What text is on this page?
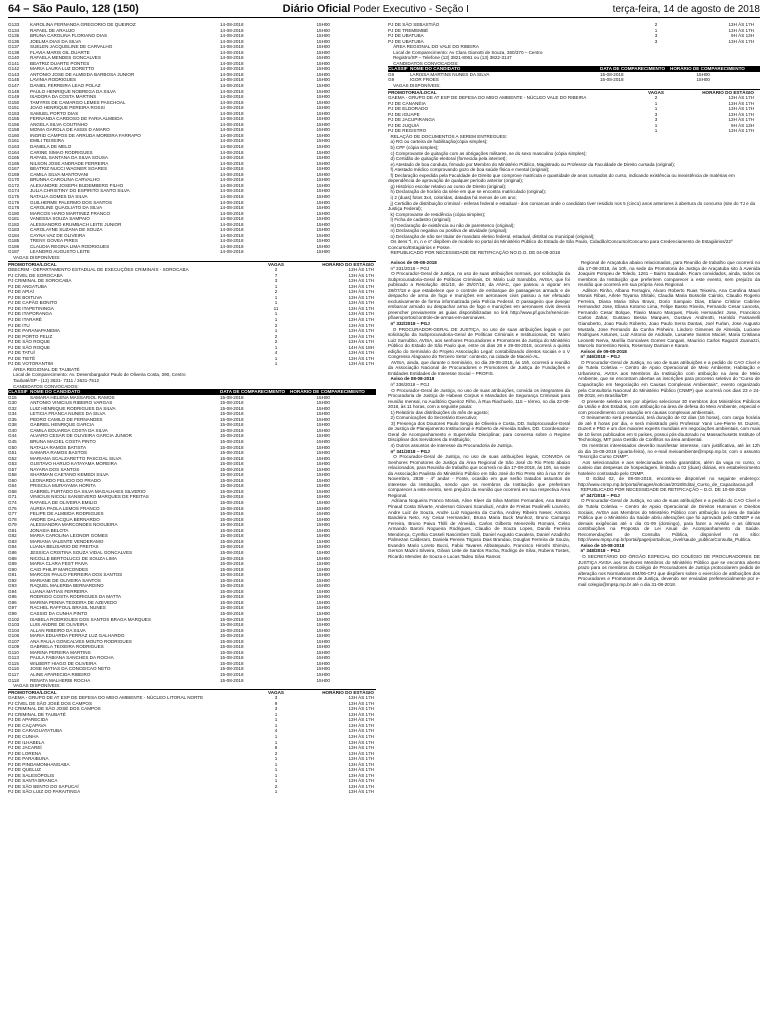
64 – São Paulo, 128 (150)	Diário Oficial Poder Executivo - Seção I	terça-feira, 14 de agosto de 2018
G133	KAROLINA FERNANDA GREGORIO DE QUEIROZ	14-08-2018	15H00
G134	RAFAEL DE ARAUJO	14-08-2018	15H00
G135	BRUNA CAROLINA FLORIANO DIAS	14-08-2018	15H00
G136	JOELMA DIAS DA SILVA	14-08-2018	15H00
G137	SUELEN JACQUELINE DE CARVALHO	14-08-2018	15H00
G138	FLAVIA MARIS GIL DUARTE	14-08-2018	15H00
G140	RAFAELA MENDES GONCALVES	14-08-2018	15H00
G141	BEATRIZ DUARTE PONTES	14-08-2018	15H00
G142	MARIA LAURA LUZ DORETTO	14-08-2018	15H00
G143	ANTONIO JOSE DE ALMEIDA BARBOSA JUNIOR	14-08-2018	15H00
G145	LAVINIA RODRIGUES	14-08-2018	15H00
G147	DANIEL FERREIRA LEAO POLAZ	14-08-2018	15H00
G148	PAULO HENRIQUE NOBREGA DA SILVA	14-08-2018	15H00
G149	ISADORA DA COSTA MARTINS	14-08-2018	15H00
G150	TAMYRIS DE CAMARGO LEMES PASCHOAL	14-08-2018	15H00
G151	JOAO HENRIQUE PEREIRA ROSSI	14-08-2018	15H00
G153	SAMUEL PORTO DIAS	14-08-2018	15H00
G155	FERNANDA CARDOSO DE FARIA ALMEIDA	14-08-2018	15H00
G156	ANGELA SILVA COUTINHO	14-08-2018	15H00
G158	MONIA GAROLA DE ASSIS D AMARO	14-08-2018	15H00
G160	INGRID CAMPOS DE ARRUDA MOREIRA FARRAPO	14-08-2018	15H00
G161	EMILI TEIXEIRA	14-08-2018	15H00
G163	DANIELA DE MELO	14-08-2018	15H00
G164	CARINE SIMAO RODRIGUES	14-08-2018	15H00
G165	RAFAEL SANTANA DA SILVA SOUSA	14-08-2018	15H00
G166	NILSON JOSE ANDRADE FERREIRA	14-08-2018	15H00
G167	BEATRIZ NUCCI WAGNER SOARES	14-08-2018	15H00
G169	CAMILA SILVA MANTOVANI	14-08-2018	15H00
G170	BRUNNA CAROLINA CARVALHO	14-08-2018	15H00
G172	ALEXANDRE JOSEPH BUDEMBERG FILHO	14-08-2018	15H00
G174	JULIA CHRISTINY DO ESPIRITO SANTO SILVA	14-08-2018	15H00
G175	NATALIA GOMES DA SILVA	14-08-2018	15H00
G176	GUILHERME PALERMO DOS SANTOS	14-08-2018	15H00
G178	CAROLINE QUAGLIATO DA SILVA	14-08-2018	15H00
G180	MARCOS HARO MARTINEZ FRANCO	14-08-2018	15H00
G181	VANESSA SOUZA SAMPAIO	14-08-2018	15H00
G182	ALESSANDRO KRUMBACH LEITE JUNIOR	14-08-2018	15H00
G183	CAROLAYNE SUZANA DE SOUZA	14-08-2018	15H00
G184	CAYNA VAZ DE OLIVEIRA	14-08-2018	15H00
G185	TRENY GOVEA PIRES	14-08-2018	15H00
G186	CLAUDIA REGINA LIMA RODRIGUES	14-08-2018	15H00
G187	LEANDRO AUGUSTO LEITE	14-08-2018	15H00
VAGAS DISPONÍVEIS:
PROMOTORIA/LOCAL	VAGAS	HORÁRIO DO ESTÁGIO
DEECRIM - DEPARTAMENTO ESTADUAL DE EXECUÇÕES CRIMINAIS - SOROCABA	2	13H ÀS 17H
PJ CÍVEL DE SOROCABA	7	13H ÀS 17H
PJ CRIMINAL DE SOROCABA	3	13H ÀS 17H
PJ DE ANGATUBA	1	13H ÀS 17H
PJ DE APIAÍ	2	13H ÀS 17H
PJ DE BOITUVA	1	13H ÀS 17H
PJ DE CAPÃO BONITO	1	13H ÀS 17H
PJ DE ITAPETININGA	11	13H ÀS 17H
PJ DE ITAPORANGA	1	13H ÀS 17H
PJ DE ITARARÉ	1	13H ÀS 17H
PJ DE ITU	2	13H ÀS 17H
PJ DE PARANAPANEMA	1	13H ÀS 17H
PJ DE PORTO FELIZ	2	13H ÀS 17H
PJ DE SÃO ROQUE	2	13H ÀS 17H
PJ DE SÃO ROQUE	1	14H ÀS 18H
PJ DE TATUÍ	4	13H ÀS 17H
PJ DE TIETÊ	1	13H ÀS 17H
PJ DE VOTORANTIM	1	13H ÀS 17H
ÁREA REGIONAL DE TAUBATÉ
Local de Comparecimento: Av. Desembargador Paulo de Oliveira Costa, 390, Centro
Taubaté/SP - (12) 3631- 7311 / 3631-7512
CANDIDATOS CONVOCADOS:
CLASSIF NOME DO CANDIDATO	DATA DE COMPARECIMENTO	HORÁRIO DE COMPARECIMENTO
G15	SAMARA HELENA MASSARIOL RAMOS	15-08-2018	15H00
G30	ANTONIO VINICIUS RIBEIRO VARGAS	15-08-2018	15H00
G32	LUIZ HENRIQUE RODRIGUES DA SILVA	15-08-2018	15H00
G34	LETICIA FRANCA NUNES DA SILVA	15-08-2018	15H00
G35	PEDRO CAMILO DE FERNANDES	15-08-2018	15H00
G38	GABRIEL HENRIQUE GARCIA	15-08-2018	15H00
G40	CAMILA EDUARDA COSTA DA SILVA	15-08-2018	15H00
G44	ALVARO CESAR DE OLIVEIRA GARCIA JUNIOR	15-08-2018	15H00
G45	BRUNA MACIEL COSTA PINTO	15-08-2018	15H00
G50	NATALIA RAMOS BATISTA	15-08-2018	15H00
G51	SAMARA RAMOS BASTOS	15-08-2018	15H00
G52	MARIANA SCALZARETTO PASCOAL SILVA	15-08-2018	15H00
G53	GUSTAVO HARUO KATAYAMA MOREIRA	15-08-2018	15H00
G57	NAYARA DOS SANTOS	15-08-2018	15H00
G58	SHARMAN CAETANO KEMEDI SILVA	15-08-2018	15H00
G60	LEONARDO FELICIO DO PRADO	15-08-2018	15H00
G64	PRISCILA MURAYAMA HORITA	15-08-2018	15H00
G68	GABRIEL FURTADO DA SILVA MAGALHAES SILVERIO	15-08-2018	15H00
G71	VINICIUS NICOLI SANSEVERO MARQUES DE FREITAS	15-08-2018	15H00
G74	RAFAELA DE OLIVEIRA EMILIO	15-08-2018	15H00
G76	AUREA PAOLA LEMOS FRANCO	15-08-2018	15H00
G77	FELIPE DE ALMEIDA RODRIGUES	15-08-2018	15H00
G78	ANDRE DALACQUA BERNARDO	15-08-2018	15H00
G79	ALESSANDRA MARCONDES NOGUEIRA	15-08-2018	15H00
G81	JONASIA BELOTA	15-08-2018	15H00
G82	MARIA CAROLINA LEONOR GOMES	15-08-2018	15H00
G83	MARIANA VALENTE VENDERAMO	15-08-2018	15H00
G84	LUANA BELISARIO DE FREITAS	15-08-2018	15H00
G86	JESSICA CRISTINA SOUZA VIDAL GONCALVES	15-08-2018	15H00
G88	NICOLLE BERTOLUCCI DE SOUZA LIMA	15-08-2018	15H00
G89	MARIA CLARA FEST PAIVA	15-08-2018	15H00
G90	CAIO PHILIP MARCONDES	15-08-2018	15H00
G91	MARCOS PAULO FERREIRA DOS SANTOS	15-08-2018	15H00
G92	MARIANE DE OLIVEIRA SANTOS	15-08-2018	15H00
G93	RAQUEL MALERBA BERNARDINO	15-08-2018	15H00
G94	LUANA MATIAS FERREIRA	15-08-2018	15H00
G95	RODRIGO COSTA RODRIGUES DA MATTA	15-08-2018	15H00
G96	MARINA PENNA TEIXEIRA DE AZEVEDO	15-08-2018	15H00
G97	RACHEL RAFFOUL BRASIL NUNES	15-08-2018	15H00
G99	CASSIO DA CUNHA PINTO	15-08-2018	15H00
G102	ISABELA RODRIGUES DOS SANTOS BRAGA MARQUES	15-08-2018	15H00
G103	LUIS ANDRE DE OLIVEIRA	15-08-2018	15H00
G104	ALLAN RIBEIRO DA SILVA	15-08-2018	15H00
G106	MARIA EDUARDA FERRAZ LUZ GALHARDO	15-08-2018	15H00
G107	ANA PAULA GONCALVES MOUTO RODRIGUES	15-08-2018	15H00
G109	GABRIELA TEIXEIRA RODRIGUES	15-08-2018	15H00
G110	MARINA PEREIRA MARTINS	15-08-2018	15H00
G113	PAULA FABIANA SANCHES DA ROCHA	15-08-2018	15H00
G115	WILBERT HIAGO DE OLIVEIRA	15-08-2018	15H00
G116	JOSE MATIAS DA CONCEICAO NETO	15-08-2018	15H00
G117	ALINE APARECIDA RIBEIRO	15-08-2018	15H00
G118	RENATA MALHERBI ROCHA	15-08-2018	15H00
VAGAS DISPONÍVEIS:
PROMOTORIA/LOCAL	VAGAS	HORÁRIO DO ESTÁGIO
GAEMA - GRUPO DE AT ESP DE DEFESA DO MEIO AMBIENTE - NÚCLEO LITORAL NORTE	3	13H ÀS 17H
PJ CÍVEL DE SÃO JOSÉ DOS CAMPOS	9	13H ÀS 17H
PJ CRIMINAL DE SÃO JOSÉ DOS CAMPOS	3	13H ÀS 17H
PJ CRIMINAL DE TAUBATÉ	1	13H ÀS 17H
PJ DE APARECIDA	1	13H ÀS 17H
PJ DE CAÇAPAVA	1	13H ÀS 17H
PJ DE CARAGUATATUBA	4	13H ÀS 17H
PJ DE CUNHA	1	13H ÀS 17H
PJ DE ILHABELA	1	13H ÀS 17H
PJ DE JACAREÍ	9	13H ÀS 17H
PJ DE LORENA	2	13H ÀS 17H
PJ DE PARAIBUNA	1	13H ÀS 17H
PJ DE PINDAMONHANGABA	1	13H ÀS 17H
PJ DE QUELUZ	1	13H ÀS 17H
PJ DE SALESÓPOLIS	1	13H ÀS 17H
PJ DE SANTA BRANCA	1	13H ÀS 17H
PJ DE SÃO BENTO DO SAPUCAÍ	2	13H ÀS 17H
PJ DE SÃO LUIZ DO PARAITINGA	1	13H ÀS 17H
PJ DE SÃO SEBASTIÃO	2	13H ÀS 17H
PJ DE TREMEMBÉ	1	13H ÀS 17H
PJ DE UBATUBA	3	9H ÀS 13H
PJ DE UBATUBA	3	13H ÀS 17H
ÁREA REGIONAL DO VALE DO RIBEIRA
Local de Comparecimento: Av Clara Gianotti de Souza, 360/370 – Centro
Registro/SP – Telefone (13) 3821-8061 ou (13) 3822-3147
CANDIDATOS CONVOCADOS:
CLASSIF NOME DO CANDIDATO	DATA DE COMPARECIMENTO	HORÁRIO DE COMPARECIMENTO
G6	LARISSA MARTINS NUNES DA SILVA	15-08-2018	15H00
G9	IGOR FROES	15-08-2018	15H00
VAGAS DISPONÍVEIS:
PROMOTORIA/LOCAL	VAGAS	HORÁRIO DO ESTÁGIO
GAEMA - GRUPO DE AT ESP DE DEFESA DO MEIO AMBIENTE - NÚCLEO VALE DO RIBEIRA	2	13H ÀS 17H
PJ DE CANANÉIA	1	13H ÀS 17H
PJ DE ELDORADO	1	13H ÀS 17H
PJ DE IGUAPE	3	13H ÀS 17H
PJ DE JACUPIRANGA	3	13H ÀS 17H
PJ DE JUQUIÁ	1	9H ÀS 13H
PJ DE REGISTRO	1	13H ÀS 17H
RELAÇÃO DE DOCUMENTOS A SEREM ENTREGUES:
a) RG ou carteira de habilitação(cópia simples);
b) CPF (cópia simples);
c) Comprovante de quitação com as obrigações militares, se do sexo masculino (cópia simples);
d) Certidão de quitação eleitoral (fornecida pela internet);
e) Atestado de boa conduta, firmado por Membro do Ministério Público, Magistrado ou Professor da Faculdade de Direito cursada (original);
f) Atestado médico comprovando gozo de boa saúde física e mental (original);
f) Declaração expedida pela Faculdade de Direito que comprove matrícula e quantidade de anos cursados do curso, indicando existência ou inexistência de matérias em dependência de aprovação de qualquer período anterior (original);
g) Histórico escolar relativo ao curso de Direito (original);
h) Declaração de horário da série em que se encontra matriculado (original);
i) 2 (duas) fotos 3x4, coloridas, datadas há menos de um ano;
j) Certidão de distribuição criminal - esferas federal e estadual - dos comarcas onde o candidato tiver residido nos 5 (cinco) anos anteriores à abertura do concurso (site do TJ e da Justiça Federal);
k) Comprovante de residência (cópia simples);
l) Ficha de cadastro (original);
m) Declaração de existência ou não de parentesco (original);
n) Declaração negativa ou positiva de atividade (original);
o) Declaração de não ser titular de mandato eletivo federal, estadual, distrital ou municipal (original);
Os itens "l, m, n e o" dispõem de modelo no portal do Ministério Público do Estado de São Paulo, Cidadão/Concurso/Concurso para Credenciamento de Estagiários/22º Concurso/Estagiários e Posse.
REPUBLICADO POR NECESSIDADE DE RETIFICAÇÃO NO D.O. DE 04-08-2018
Avisos de 09-08-2018
nº 331/2018 – PGJ
O Procurador-Geral de Justiça, no uso de suas atribuições normais, por solicitação da Subprocuradoria-Geral de Políticas Criminais, Dr. Mário Luiz Sarrubbo, AVISA, que foi publicado a Resolução 461/18, de 25/07/18, da ANAC, que passou a vigorar em 28/07/18 e que estabelece que o controle de embarque de passageiros armado e de despacho de arma de fogo e munições em aeronaves civis passou a ser efetuado exclusivamente de forma informatizada pela Polícia Federal. O passageiro que desejar embarcar armado ou despachar arma de fogo e munições em aeronaves civis deverá preencher previamente as guias disponibilizadas no link http://www.pf.gov.br/servicos-pf/aeroportos/controle-de-armas-em-aeronaves.
nº 332/2018 – PGJ
O PROCURADOR-GERAL DE JUSTIÇA, no uso de suas atribuições legais e por solicitação da Subprocuradoria-Geral de Políticas Criminais e Institucionais, Dr. Mário Luiz Sarrubbo, AVISA, aos senhores Procuradores e Promotores de Justiça do Ministério Público do Estado de São Paulo que, entre os dias 28 e 29-08-2018, ocorrerá a quinta edição do Seminário do Projeto Associação Legal: contabilizando direitos sociais e o V Congresso Alagoano do Terceiro Setor: contexto, na cidade de Maceió-AL.
AVISA, ainda, que durante o Seminário, no dia 29-08-2018, às 15h, ocorrerá a reunião da Associação Nacional de Procuradores e Promotores de Justiça de Fundações e Entidades Entidades de Interesse Social – PROFIS.
Aviso de 08-08-2018
nº 336/2018 – PGJ
O Procurador-Geral de Justiça, no uso de suas atribuições, convida os integrantes da Procuradoria de Justiça de Habeas Corpus e Mandados de Segurança Criminais para reunião mensal, no Auditório Queiroz Filho, à Rua Riachuelo, 115 – térreo, no dia 22-08-2018, às 11 horas, com a seguinte pauta:
1) Relatório das distribuições do mês de agosto;
2) Comunicações do Secretário Executivo;
3) Presença dos Doutores Paulo Sergio de Oliveira e Costa, DD. Subprocurador-Geral de Justiça de Planejamento Institucional e Roberto de Almeida Salles, DD. Coordenador-Geral de Acompanhamento e Supervisão Disciplinar, para conversa sobre o Regime Disciplinar dos Servidores da Instituição;
4) Outros assuntos de interesse da Procuradoria de Justiça.
nº 341/2018 – PGJ
O Procurador-Geral de Justiça, no uso de suas atribuições legais, CONVIDA os Senhores Promotores de Justiça da Área Regional de São José do Rio Preto abaixo relacionados, para Reunião de trabalho que ocorrerá no dia 17-08-2018, às 10h, na sede da Associação Paulista do Ministério Público em São José do Rio Preto sito à rua XV de Novembro, 2939 - 4º andar - Fonte, ocasião em que serão tratados assuntos de interesse da Instituição, sendo que os membros da Instituição que preferiram comparecer a este evento, sem prejuízo da reunião que ocorrerá em sua respectiva Área Regional.
Adriana Nogueira Franco Morais, Aline Kleer da Silva Martins Fernandes, Ana Beatriz Pinaud Costa Silvarte, Anderson Giovani Scandiuzi, Andre de Freitas Paolinelli Loureiro, Andre Luiz de Souza, Andre Luiz Nogueira da Cunha, Andrey Ribeiro Neser, Antonio Bandeira Neto, Ary Cesar Hernandez, Bruna Maria Buck Munhoz, Bruno Camargo Ferreira, Bruno Paiva Thilli de Almeida, Carlos Gilberto Menezello Romani, Celso Armando Baroni Nogueira Rodrigues, Claudio de Souza Lopes, Danilo Ferreira Mendonça, Cynthia Cosseli Nascimben Galli, Daniel Augusto Cavalera, Daniel Azadinho Palmezan Calderaro, Daniela Pereira Trigoso Dias Brandao, Douglas Ferreira de Souza, Evandro Mario Loreto Bucci, Fabio Tavares Abbatepaulo, Francisco Hiroshi Shimizu, Gerson Mazini Silveira, Gilvan Leite de Santos Rocha, Rodrigo de Silva, Rubens Tostes, Ricardo Mendes de Souza e Lucas Tadeu Silva Ramos.
Regional de Araçatuba abaixo relacionados, para Reunião de trabalho que ocorrerá no dia 17-08-2018, às 10h, na sede da Promotoria de Justiça de Araçatuba sito à Avenida Joaquim Pompeu de Toledo, 1261 – Bairro Saudade. Ficam convidados, ainda, todos os membros da Instituição que preferirem comparecer a este evento, sem prejuízo da reunião que ocorrerá em sua própria Área Regional.
Adilson Rinho, Albano Ferragini, Alvaro Roberto Ruas Teixeira, Ana Carolina Mauri Morais Ribas, Arlete Toyama Shitaki, Claudia Maria Bussolin Cairolo, Claudio Rogerio Ferreira, Diana Maria Silva Bravo, Dorio Sampaio Dias, Elaine Cristine Cabrine Hernandez Jose, Eliana Kotomo Lima, Felipe Basso Riveira, Fernando Cesar Lanceta, Fernando Cesar Bolque, Flavio Mauro Marques, Flavio Hernandez Jose, Francisco Carlos Zahar, Gustavo Bessa Marques, Gustavo Andreotti, Haroldo Fassanelli Gianoberto, Joao Paulo Roberto, Joao Paulo Serra Dantas, Joel Furlan, Jose Augusto Mustafa, Jose Fernando da Cunha Pinheiro, Lindoro Gimenes de Almeida, Luciane Rodrigues Antunes, Luiz Antonio de Andrade, Lusanete Santos Maciel, Maria Cristiana Leonetti Nerva, Marília Goncalves Gomes Cangani, Mauricio Carlos Ragazzi Zuanazzi, Marcelo Sorrentino Neira, Rosemary Damian e Karam.
Avisos de 09-08-2018
nº 346/2018 – PGJ
O Procurador-Geral de Justiça, no uso de suas atribuições e a pedido do CAO Cível e de Tutela Coletiva – Centro de Apoio Operacional de Meio Ambiente, Habitação e Urbanismo, AVISA aos Membros da Instituição com atribuição na área de Meio Ambiente, que se encontram abertas as inscrições para processo seletivo do "Curso de Capacitação em Negociação em Causas Complexas Ambientais", evento organizado pela Consultoria Nacional do Ministério Público (CNMP) que ocorrerá nos dias 23 e 24-08-2018, em Brasília/DF.
O presente seletivo tem por objetivo selecionar 30 membros dos Ministérios Públicos da União e dos Estados, com atribuição na área de defesa do Meio Ambiente, especial e com procedimento com atuação em causas complexas ambientais.
O treinamento será presencial, terá duração de 02 dias (16 horas), com carga horária de até 8 horas por dia, e será ministrado pelo Professor Yann Lee-Pierre M. Duzert, Duzert e PhD e um dos maiores experts mundiais em negociações ambientais, com mais de 10 livros publicados em 5 países, possui pós-doutorado no Massachusetts Institute of Technology, MIT para Gestão de Conflitos na área ambiental.
Os membros interessados deverão manifestar interesse, com justificativa, até às 12h do dia 15-08-2018 (quarta-feira), no e-mail meioambiente@mpsp.mp.br, com o assunto "Inscrição Curso CNMP".
Aos selecionados e aos selecionadas serão garantidos, além da vaga no curso, o custeio das despesas de hospedagem, limitada a 02 (duas) diárias, em estabelecimento hoteleiro contratado pelo CNMP.
O Edital 02, de 08-08-2018, encontra-se disponível no seguinte endereço: http://www.cnmp.mp.br/portal/images/noticias/2018/Edital_Curso_de_Capacitacao.pdf
REPUBLICADO POR NECESSIDADE DE RETIFICAÇÃO – D.O. DE 10-08-2018
nº 347/2018 – PGJ
O Procurador-Geral de Justiça, no uso de suas atribuições e a pedido do CAO Cível e de Tutela Coletiva – Centro de Apoio Operacional de Direitos Humanos e Direitos Sociais, AVISA aos Membros do Ministério Público com atribuição na área de Saúde Pública que o Ministério da Saúde abriu alterações que foi aprovado pelo GENEP e as demais exigências até o dia 01-09 (domingo), para fazer a revisão e as últimas contribuições na Proposta de Lei Anual de Acompanhamento da Saúde. Recomendações de Consulta Pública, disponível no sítio: http://www.mpsp.mp.br/portal/page/portal/cao_civel/saude_publica/Consulta_Publica.
Aviso de 10-08-2018
nº 348/2018 – PGJ
O SECRETÁRIO DO ÓRGÃO ESPECIAL DO COLÉGIO DE PROCURADORES DE JUSTIÇA AVISA aos Senhores Membros do Ministério Público que se encontra aberto prazo para os membros do Colégio de Procuradores de Justiça protocolarem pedido de alteração nos Normativos 484/06-CPJ que dispõem sobre o exercício de atribuições dos Procuradores e Promotores de Justiça, devendo ser enviadas preferencialmente por e-mail colegio@mpsp.mp.br até o dia 31-08-2018.
